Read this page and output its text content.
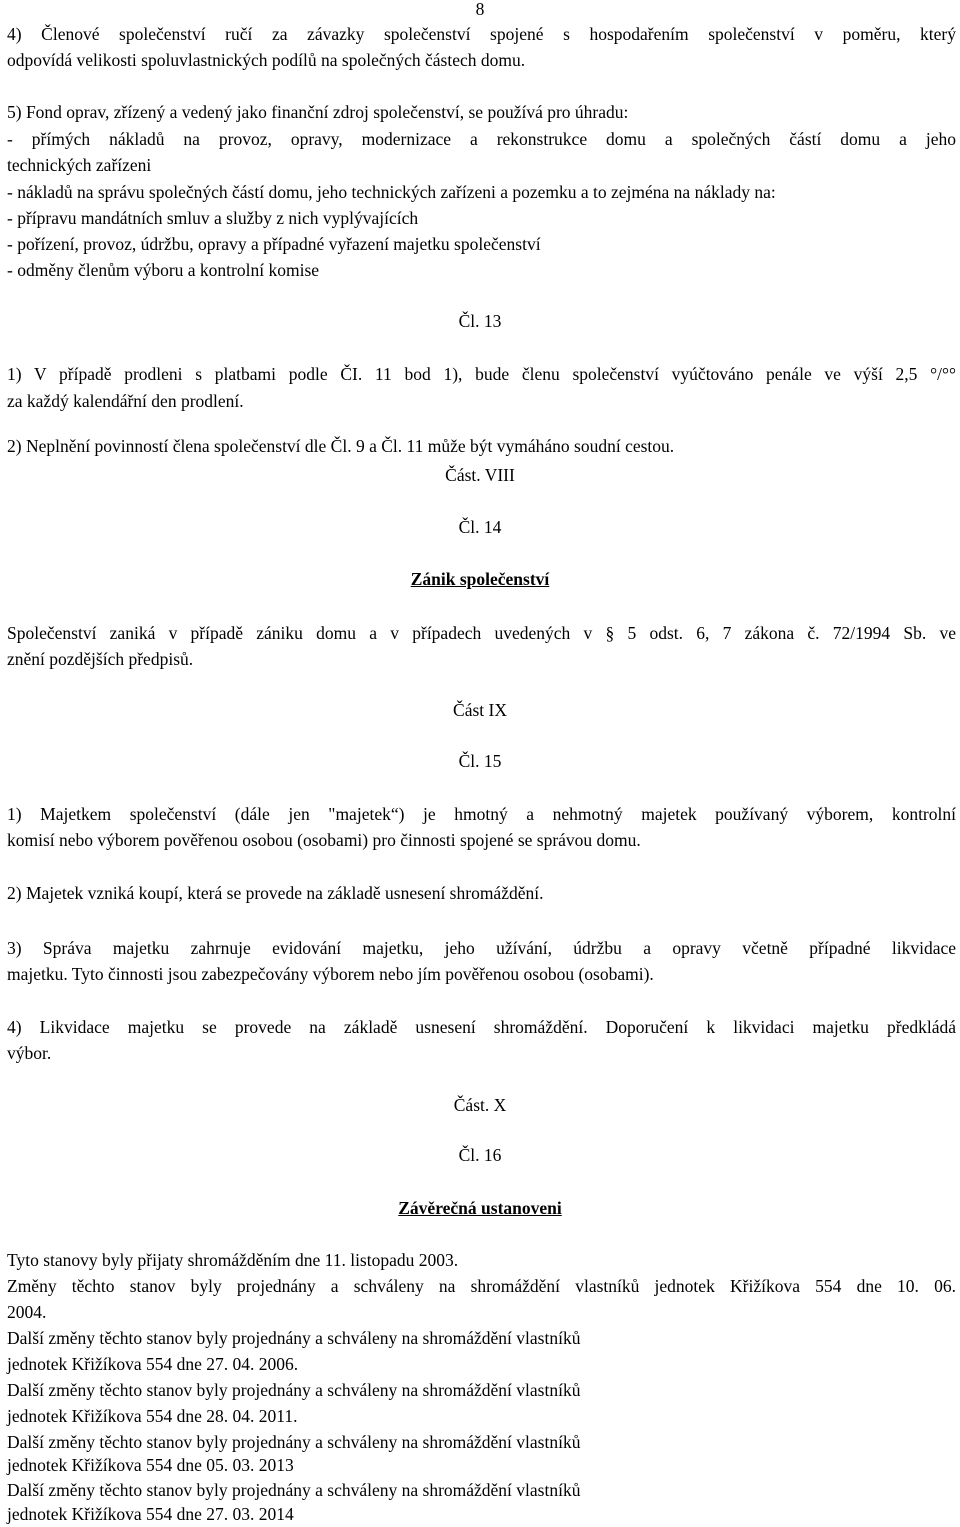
8
4) Členové společenství ručí za závazky společenství spojené s hospodařením společenství v poměru, který
odpovídá velikosti spoluvlastnických podílů na společných částech domu.
5) Fond oprav, zřízený a vedený jako finanční zdroj společenství, se používá pro úhradu:
- přímých nákladů na provoz, opravy, modernizace a rekonstrukce domu a společných částí domu a jeho
technických zařízeni
- nákladů na správu společných částí domu, jeho technických zařízeni a pozemku a to zejména na náklady na:
- přípravu mandátních smluv a služby z nich vyplývajících
- pořízení, provoz, údržbu, opravy a případné vyřazení majetku společenství
- odměny členům výboru a kontrolní komise
Čl. 13
1) V případě prodleni s platbami podle ČI. 11 bod 1), bude členu společenství vyúčtováno penále ve výší 2,5 °/°°
za každý kalendářní den prodlení.
2) Neplnění povinností člena společenství dle Čl. 9 a Čl. 11 může být vymáháno soudní cestou.
Část. VIII
Čl. 14
Zánik společenství
Společenství zaniká v případě zániku domu a v případech uvedených v § 5 odst. 6, 7 zákona č. 72/1994 Sb. ve
znění pozdějších předpisů.
Část IX
Čl. 15
1) Majetkem společenství (dále jen "majetek“) je hmotný a nehmotný majetek používaný výborem, kontrolní
komisí nebo výborem pověřenou osobou (osobami) pro činnosti spojené se správou domu.
2) Majetek vzniká koupí, která se provede na základě usnesení shromáždění.
3) Správa majetku zahrnuje evidování majetku, jeho užívání, údržbu a opravy včetně případné likvidace
majetku. Tyto činnosti jsou zabezpečovány výborem nebo jím pověřenou osobou (osobami).
4) Likvidace majetku se provede na základě usnesení shromáždění. Doporučení k likvidaci majetku předkládá
výbor.
Část. X
Čl. 16
Závěrečná ustanoveni
Tyto stanovy byly přijaty shromážděním dne 11. listopadu 2003.
Změny těchto stanov byly projednány a schváleny na shromáždění vlastníků jednotek Křižíkova 554 dne 10. 06.
2004.
Další změny těchto stanov byly projednány a schváleny na shromáždění vlastníků
jednotek Křižíkova 554 dne 27. 04. 2006.
Další změny těchto stanov byly projednány a schváleny na shromáždění vlastníků
jednotek Křižíkova 554 dne 28. 04. 2011.
Další změny těchto stanov byly projednány a schváleny na shromáždění vlastníků
jednotek Křižíkova 554 dne 05. 03. 2013
Další změny těchto stanov byly projednány a schváleny na shromáždění vlastníků
jednotek Křižíkova 554 dne 27. 03. 2014
